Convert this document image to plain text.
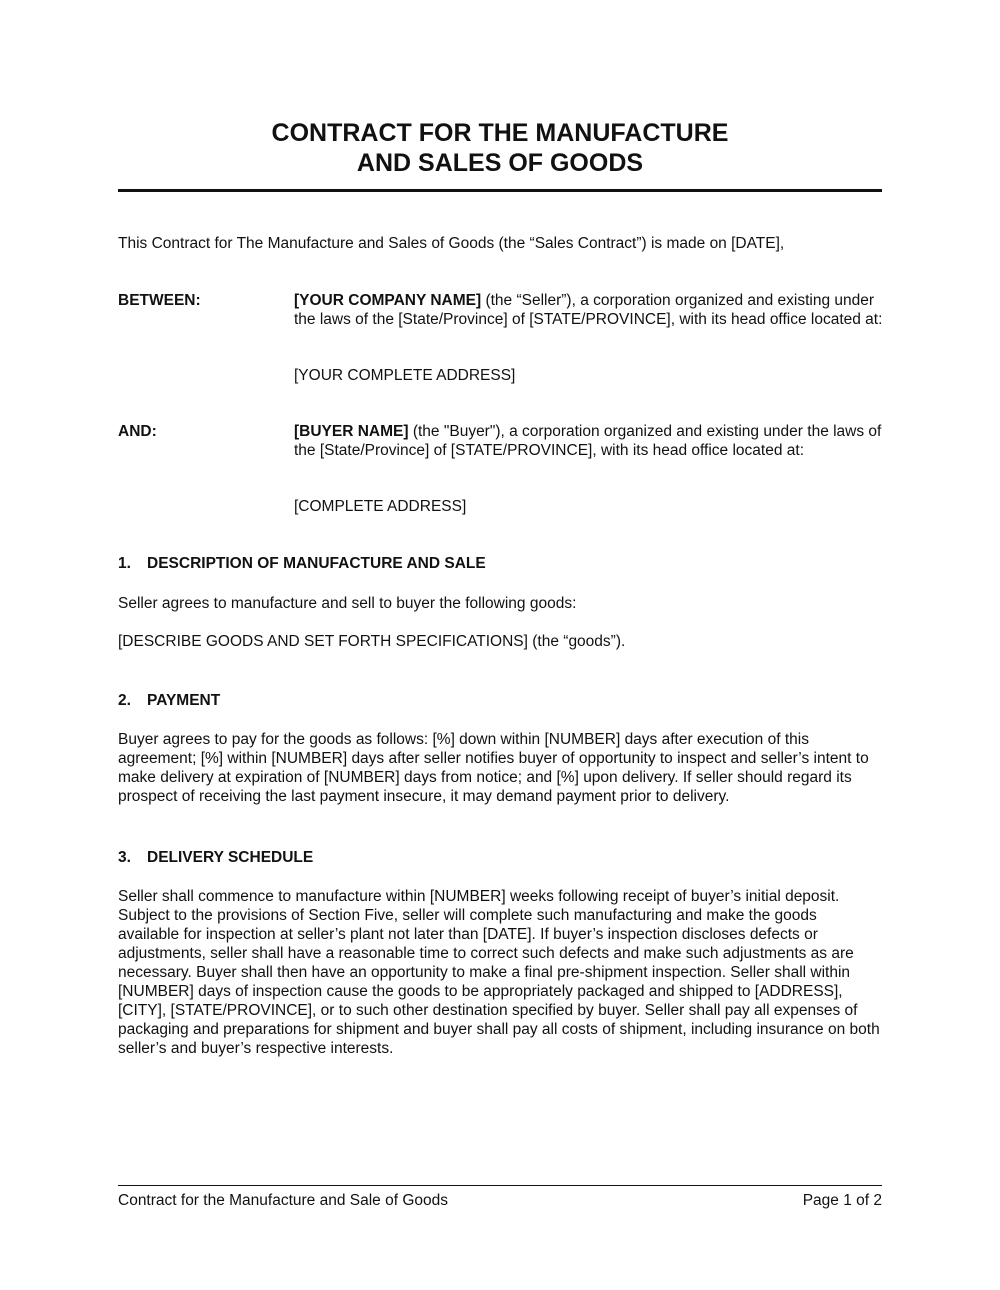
CONTRACT FOR THE MANUFACTURE
AND SALES OF GOODS

This Contract for The Manufacture and Sales of Goods (the “Sales Contract”) is made on [DATE],

BETWEEN:	[YOUR COMPANY NAME] (the “Seller”), a corporation organized and existing under the laws of the [State/Province] of [STATE/PROVINCE], with its head office located at:

[YOUR COMPLETE ADDRESS]

AND:	[BUYER NAME] (the "Buyer"), a corporation organized and existing under the laws of the [State/Province] of [STATE/PROVINCE], with its head office located at:

[COMPLETE ADDRESS]

1. DESCRIPTION OF MANUFACTURE AND SALE

Seller agrees to manufacture and sell to buyer the following goods:

[DESCRIBE GOODS AND SET FORTH SPECIFICATIONS] (the “goods”).

2. PAYMENT

Buyer agrees to pay for the goods as follows: [%] down within [NUMBER] days after execution of this agreement; [%] within [NUMBER] days after seller notifies buyer of opportunity to inspect and seller’s intent to make delivery at expiration of [NUMBER] days from notice; and [%] upon delivery. If seller should regard its prospect of receiving the last payment insecure, it may demand payment prior to delivery.

3. DELIVERY SCHEDULE

Seller shall commence to manufacture within [NUMBER] weeks following receipt of buyer’s initial deposit. Subject to the provisions of Section Five, seller will complete such manufacturing and make the goods available for inspection at seller’s plant not later than [DATE]. If buyer’s inspection discloses defects or adjustments, seller shall have a reasonable time to correct such defects and make such adjustments as are necessary. Buyer shall then have an opportunity to make a final pre-shipment inspection. Seller shall within [NUMBER] days of inspection cause the goods to be appropriately packaged and shipped to [ADDRESS], [CITY], [STATE/PROVINCE], or to such other destination specified by buyer. Seller shall pay all expenses of packaging and preparations for shipment and buyer shall pay all costs of shipment, including insurance on both seller’s and buyer’s respective interests.

Contract for the Manufacture and Sale of Goods	Page 1 of 2
